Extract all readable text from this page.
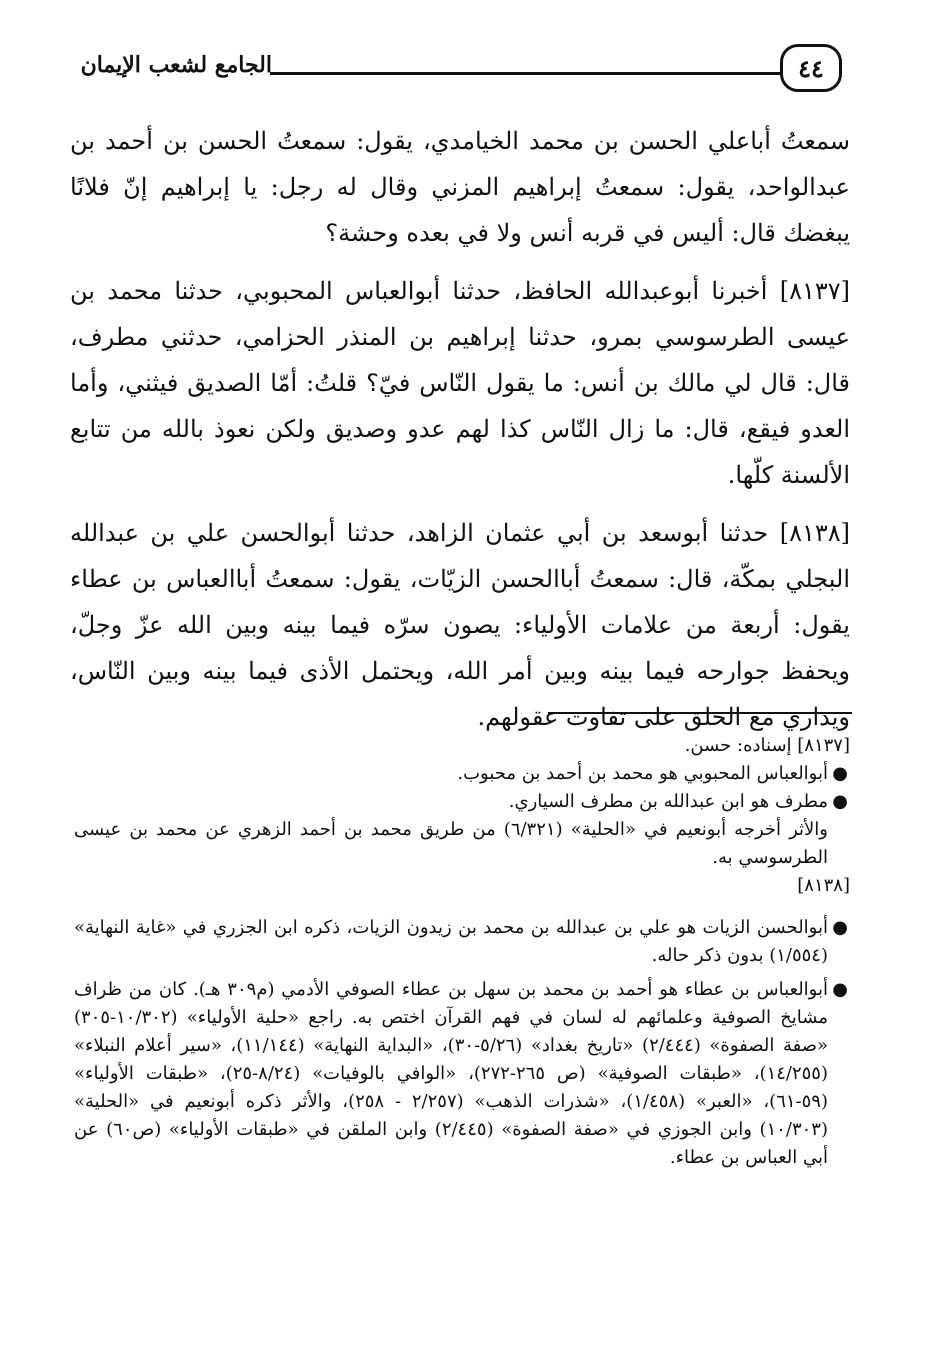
الجامع لشعب الإيمان	٤٤

سمعتُ أباعلي الحسن بن محمد الخيامدي، يقول: سمعتُ الحسن بن أحمد بن عبدالواحد، يقول: سمعتُ إبراهيم المزني وقال له رجل: يا إبراهيم إنّ فلانًا يبغضك قال: أليس في قربه أنس ولا في بعده وحشة؟

[٨١٣٧] أخبرنا أبوعبدالله الحافظ، حدثنا أبوالعباس المحبوبي، حدثنا محمد بن عيسى الطرسوسي بمرو، حدثنا إبراهيم بن المنذر الحزامي، حدثني مطرف، قال: قال لي مالك بن أنس: ما يقول النّاس فيّ؟ قلتُ: أمّا الصديق فيثني، وأما العدو فيقع، قال: ما زال النّاس كذا لهم عدو وصديق ولكن نعوذ بالله من تتابع الألسنة كلّها.

[٨١٣٨] حدثنا أبوسعد بن أبي عثمان الزاهد، حدثنا أبوالحسن علي بن عبدالله البجلي بمكّة، قال: سمعتُ أباالحسن الزيّات، يقول: سمعتُ أباالعباس بن عطاء يقول: أربعة من علامات الأولياء: يصون سرّه فيما بينه وبين الله عزّ وجلّ، ويحفظ جوارحه فيما بينه وبين أمر الله، ويحتمل الأذى فيما بينه وبين النّاس، ويداري مع الخلق على تفاوت عقولهم.

[٨١٣٧] إسناده: حسن.

●
أبوالعباس المحبوبي هو محمد بن أحمد بن محبوب.
●
مطرف هو ابن عبدالله بن مطرف السياري.

والأثر أخرجه أبونعيم في «الحلية» (٦/٣٢١) من طريق محمد بن أحمد الزهري عن محمد بن عيسى الطرسوسي به.

[٨١٣٨]

●
أبوالحسن الزيات هو علي بن عبدالله بن محمد بن زيدون الزيات، ذكره ابن الجزري في «غاية النهاية» (١/٥٥٤) بدون ذكر حاله.
●
أبوالعباس بن عطاء هو أحمد بن محمد بن سهل بن عطاء الصوفي الأدمي (م٣٠٩ هـ). كان من ظراف مشايخ الصوفية وعلمائهم له لسان في فهم القرآن اختص به. راجع «حلية الأولياء» (١٠/٣٠٢-٣٠٥) «صفة الصفوة» (٢/٤٤٤) «تاريخ بغداد» (٥/٢٦-٣٠)، «البداية النهاية» (١١/١٤٤)، «سير أعلام النبلاء» (١٤/٢٥٥)، «طبقات الصوفية» (ص ٢٦٥-٢٧٢)، «الوافي بالوفيات» (٨/٢٤-٢٥)، «طبقات الأولياء» (٥٩-٦١)، «العبر» (١/٤٥٨)، «شذرات الذهب» (٢/٢٥٧ - ٢٥٨)، والأثر ذكره أبونعيم في «الحلية» (١٠/٣٠٣) وابن الجوزي في «صفة الصفوة» (٢/٤٤٥) وابن الملقن في «طبقات الأولياء» (ص٦٠) عن أبي العباس بن عطاء.
